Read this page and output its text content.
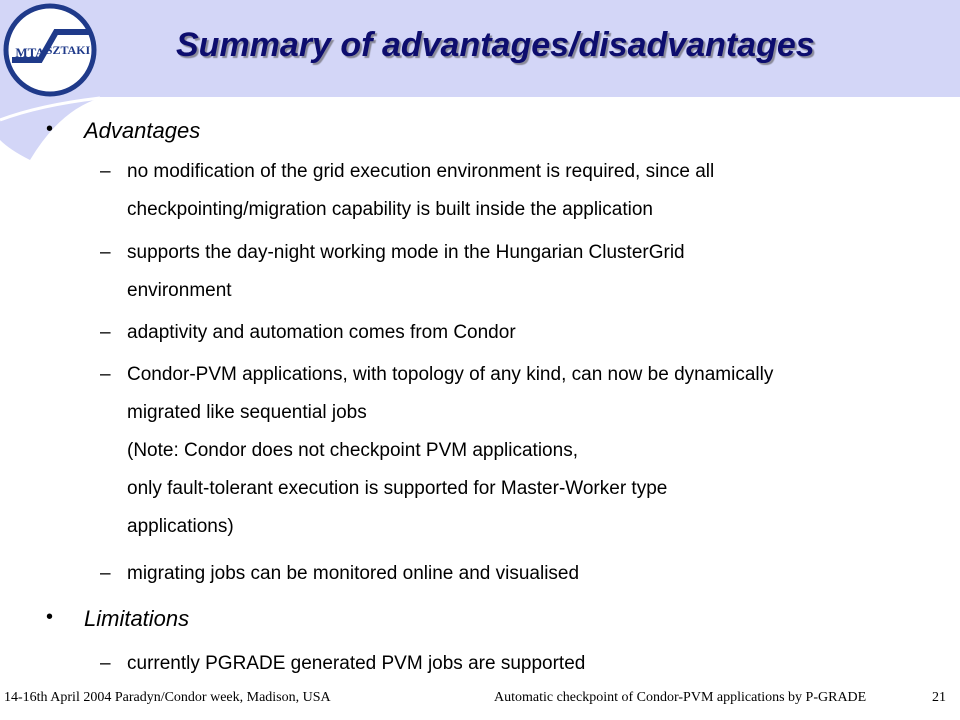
MTA SZTAKI	Summary of advantages/disadvantages
• Advantages
– no modification of the grid execution environment is required, since all
checkpointing/migration capability is built inside the application
– supports the day-night working mode in the Hungarian ClusterGrid
environment
– adaptivity and automation comes from Condor
– Condor-PVM applications, with topology of any kind, can now be dynamically
migrated like sequential jobs
(Note: Condor does not checkpoint PVM applications,
only fault-tolerant execution is supported for Master-Worker type
applications)
– migrating jobs can be monitored online and visualised
• Limitations
– currently PGRADE generated PVM jobs are supported
14-16th April 2004 Paradyn/Condor week, Madison, USA	Automatic checkpoint of Condor-PVM applications by P-GRADE	21
